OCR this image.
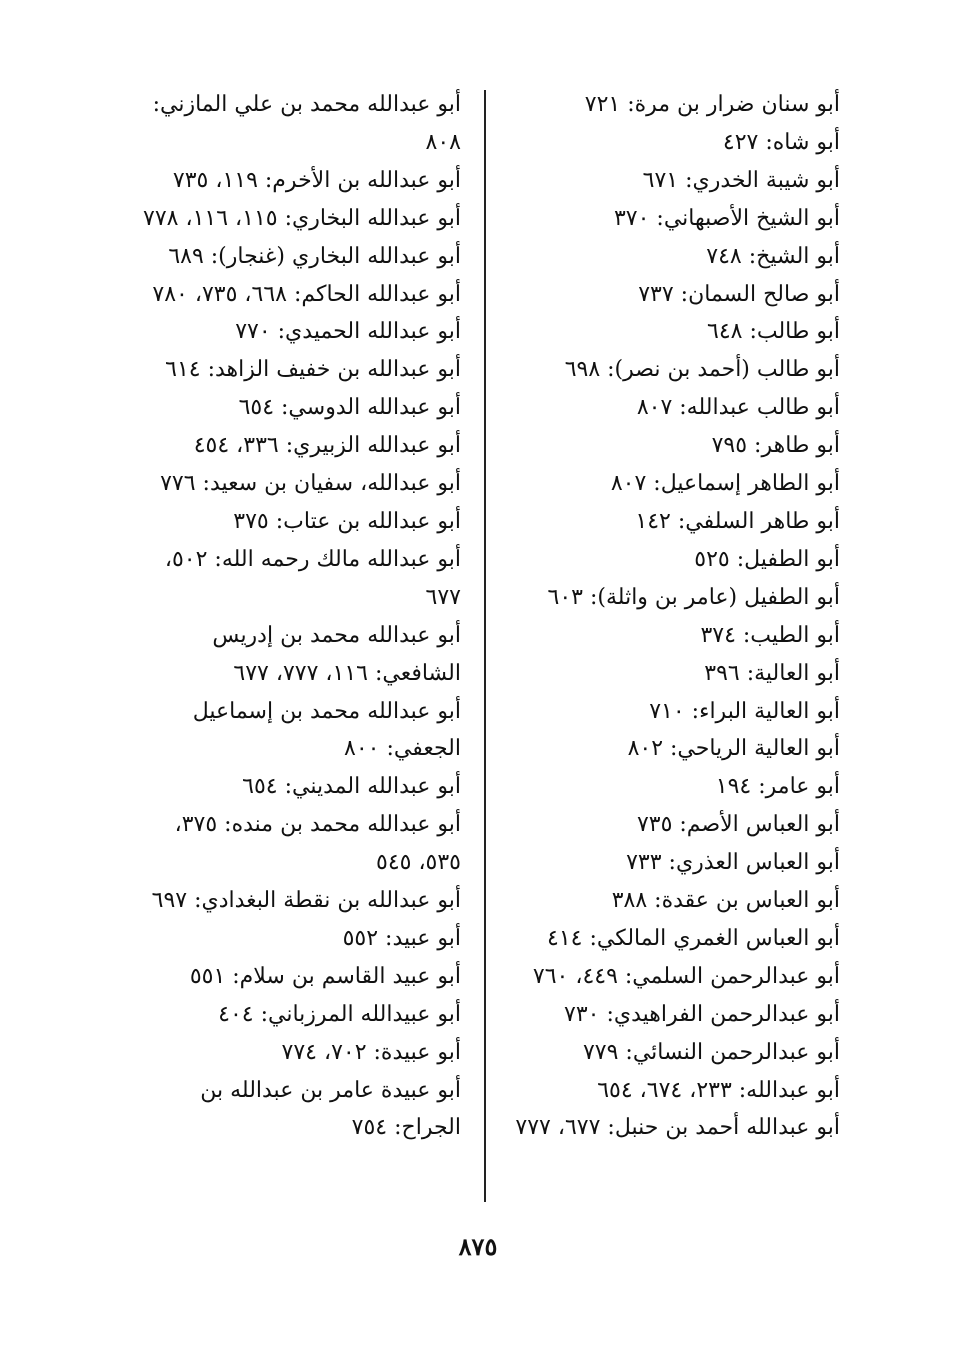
أبو سنان ضرار بن مرة: ٧٢١
أبو شاه: ٤٢٧
أبو شيبة الخدري: ٦٧١
أبو الشيخ الأصبهاني: ٣٧٠
أبو الشيخ: ٧٤٨
أبو صالح السمان: ٧٣٧
أبو طالب: ٦٤٨
أبو طالب (أحمد بن نصر): ٦٩٨
أبو طالب عبدالله: ٨٠٧
أبو طاهر: ٧٩٥
أبو الطاهر إسماعيل: ٨٠٧
أبو طاهر السلفي: ١٤٢
أبو الطفيل: ٥٢٥
أبو الطفيل (عامر بن واثلة): ٦٠٣
أبو الطيب: ٣٧٤
أبو العالية: ٣٩٦
أبو العالية البراء: ٧١٠
أبو العالية الرياحي: ٨٠٢
أبو عامر: ١٩٤
أبو العباس الأصم: ٧٣٥
أبو العباس العذري: ٧٣٣
أبو العباس بن عقدة: ٣٨٨
أبو العباس الغمري المالكي: ٤١٤
أبو عبدالرحمن السلمي: ٤٤٩، ٧٦٠
أبو عبدالرحمن الفراهيدي: ٧٣٠
أبو عبدالرحمن النسائي: ٧٧٩
أبو عبدالله: ٢٣٣، ٦٧٤، ٦٥٤
أبو عبدالله أحمد بن حنبل: ٦٧٧، ٧٧٧
أبو عبدالله محمد بن علي المازني: ٨٠٨
أبو عبدالله بن الأخرم: ١١٩، ٧٣٥
أبو عبدالله البخاري: ١١٥، ١١٦، ٧٧٨
أبو عبدالله البخاري (غنجار): ٦٨٩
أبو عبدالله الحاكم: ٦٦٨، ٧٣٥، ٧٨٠
أبو عبدالله الحميدي: ٧٧٠
أبو عبدالله بن خفيف الزاهد: ٦١٤
أبو عبدالله الدوسي: ٦٥٤
أبو عبدالله الزبيري: ٣٣٦، ٤٥٤
أبو عبدالله، سفيان بن سعيد: ٧٧٦
أبو عبدالله بن عتاب: ٣٧٥
أبو عبدالله مالك رحمه الله: ٥٠٢، ٦٧٧
أبو عبدالله محمد بن إدريس الشافعي: ١١٦، ٧٧٧، ٦٧٧
أبو عبدالله محمد بن إسماعيل الجعفي: ٨٠٠
أبو عبدالله المديني: ٦٥٤
أبو عبدالله محمد بن منده: ٣٧٥، ٥٣٥، ٥٤٥
أبو عبدالله بن نقطة البغدادي: ٦٩٧
أبو عبيد: ٥٥٢
أبو عبيد القاسم بن سلام: ٥٥١
أبو عبيدالله المرزباني: ٤٠٤
أبو عبيدة: ٧٠٢، ٧٧٤
أبو عبيدة عامر بن عبدالله بن الجراح: ٧٥٤
٨٧٥
